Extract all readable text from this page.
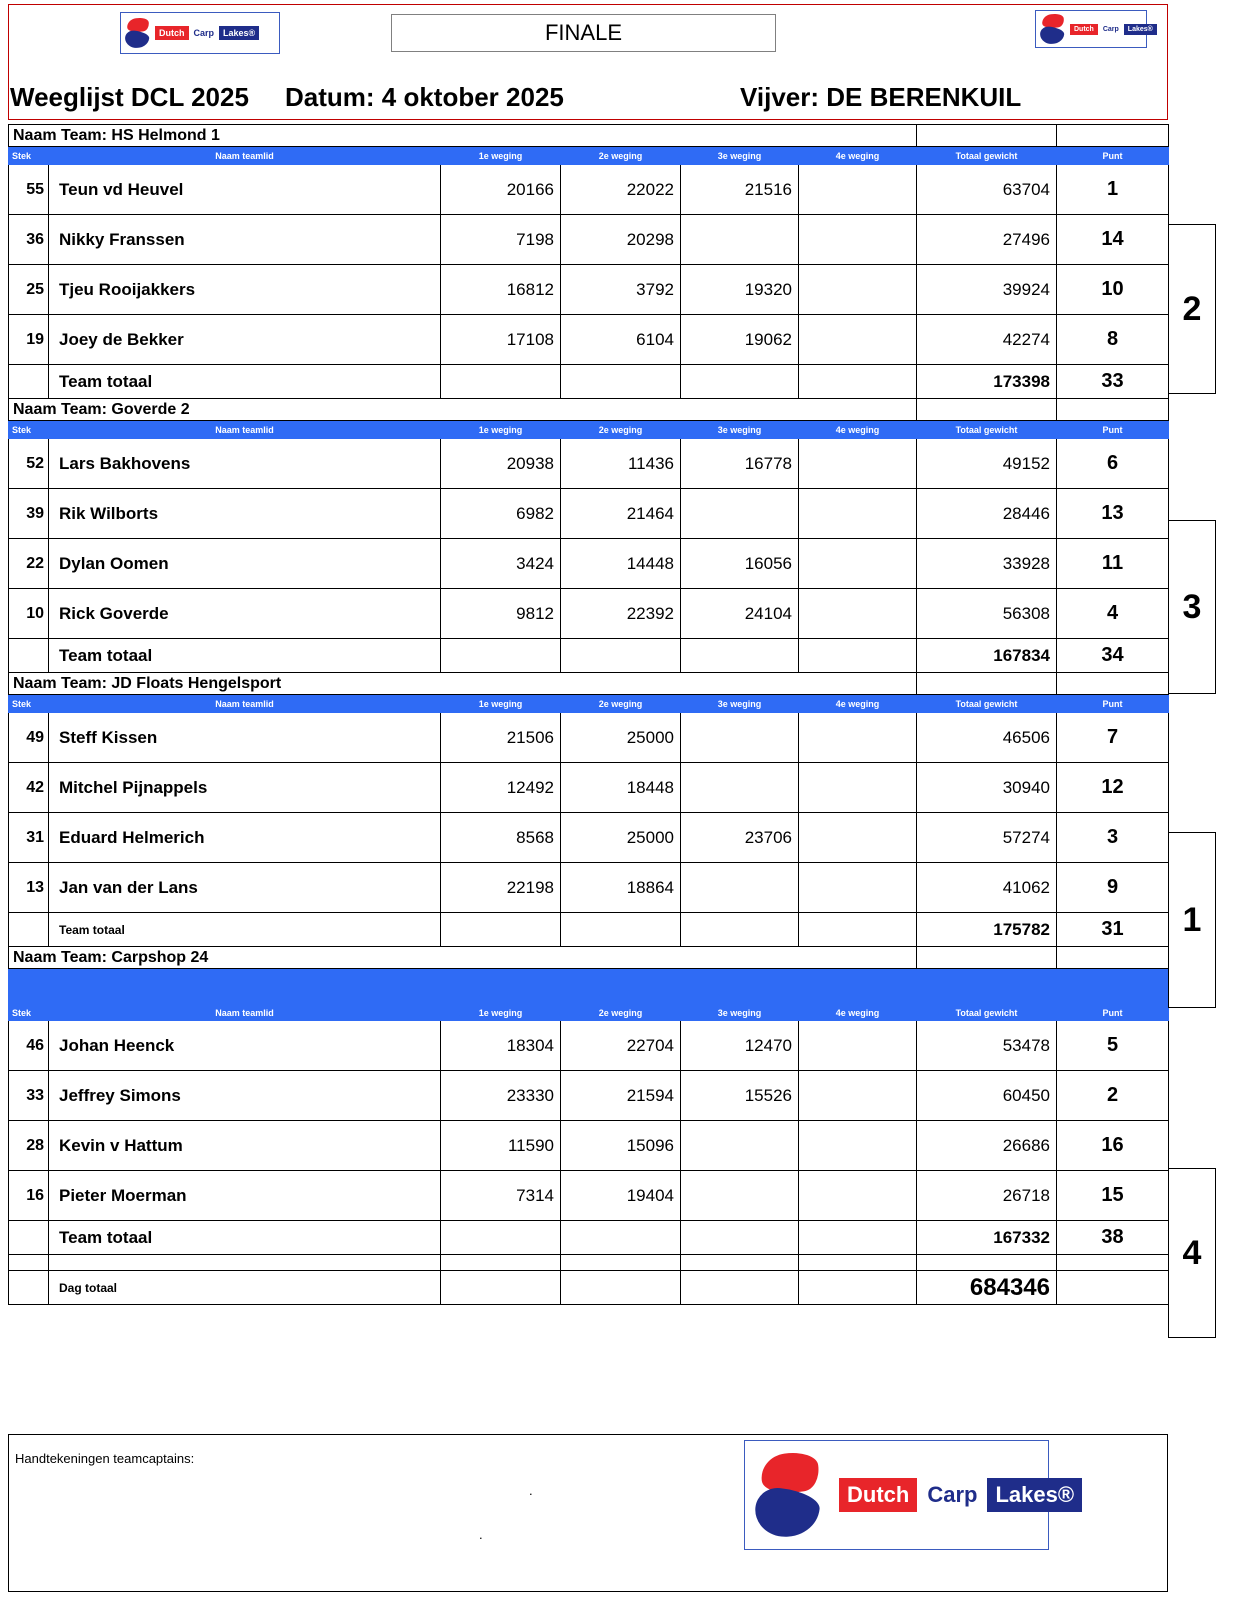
Dutch	Carp	Lakes®	Dutch	Carp	Lakes®
FINALE
Weeglijst DCL 2025	Datum: 4 oktober 2025	Vijver: DE BERENKUIL
Naam Team: HS Helmond 1							
Stek	Naam teamlid	1e weging	2e weging	3e weging	4e weging	Totaal gewicht	Punt
55	Teun vd Heuvel	20166	22022	21516		63704	1
36	Nikky Franssen	7198	20298			27496	14
25	Tjeu Rooijakkers	16812	3792	19320		39924	10
19	Joey de Bekker	17108	6104	19062		42274	8
	Team totaal					173398	33
Naam Team: Goverde 2							
Stek	Naam teamlid	1e weging	2e weging	3e weging	4e weging	Totaal gewicht	Punt
52	Lars Bakhovens	20938	11436	16778		49152	6
39	Rik Wilborts	6982	21464			28446	13
22	Dylan Oomen	3424	14448	16056		33928	11
10	Rick Goverde	9812	22392	24104		56308	4
	Team totaal					167834	34
Naam Team: JD Floats Hengelsport							
Stek	Naam teamlid	1e weging	2e weging	3e weging	4e weging	Totaal gewicht	Punt
49	Steff Kissen	21506	25000			46506	7
42	Mitchel Pijnappels	12492	18448			30940	12
31	Eduard Helmerich	8568	25000	23706		57274	3
13	Jan van der Lans	22198	18864			41062	9
	Team totaal					175782	31
Naam Team: Carpshop 24							
Stek	Naam teamlid	1e weging	2e weging	3e weging	4e weging	Totaal gewicht	Punt
46	Johan Heenck	18304	22704	12470		53478	5
33	Jeffrey Simons	23330	21594	15526		60450	2
28	Kevin v Hattum	11590	15096			26686	16
16	Pieter Moerman	7314	19404			26718	15
	Team totaal					167332	38

	Dag totaal					684346	
2
3
1
4
Handtekeningen teamcaptains:
.
.
Dutch Carp Lakes®
